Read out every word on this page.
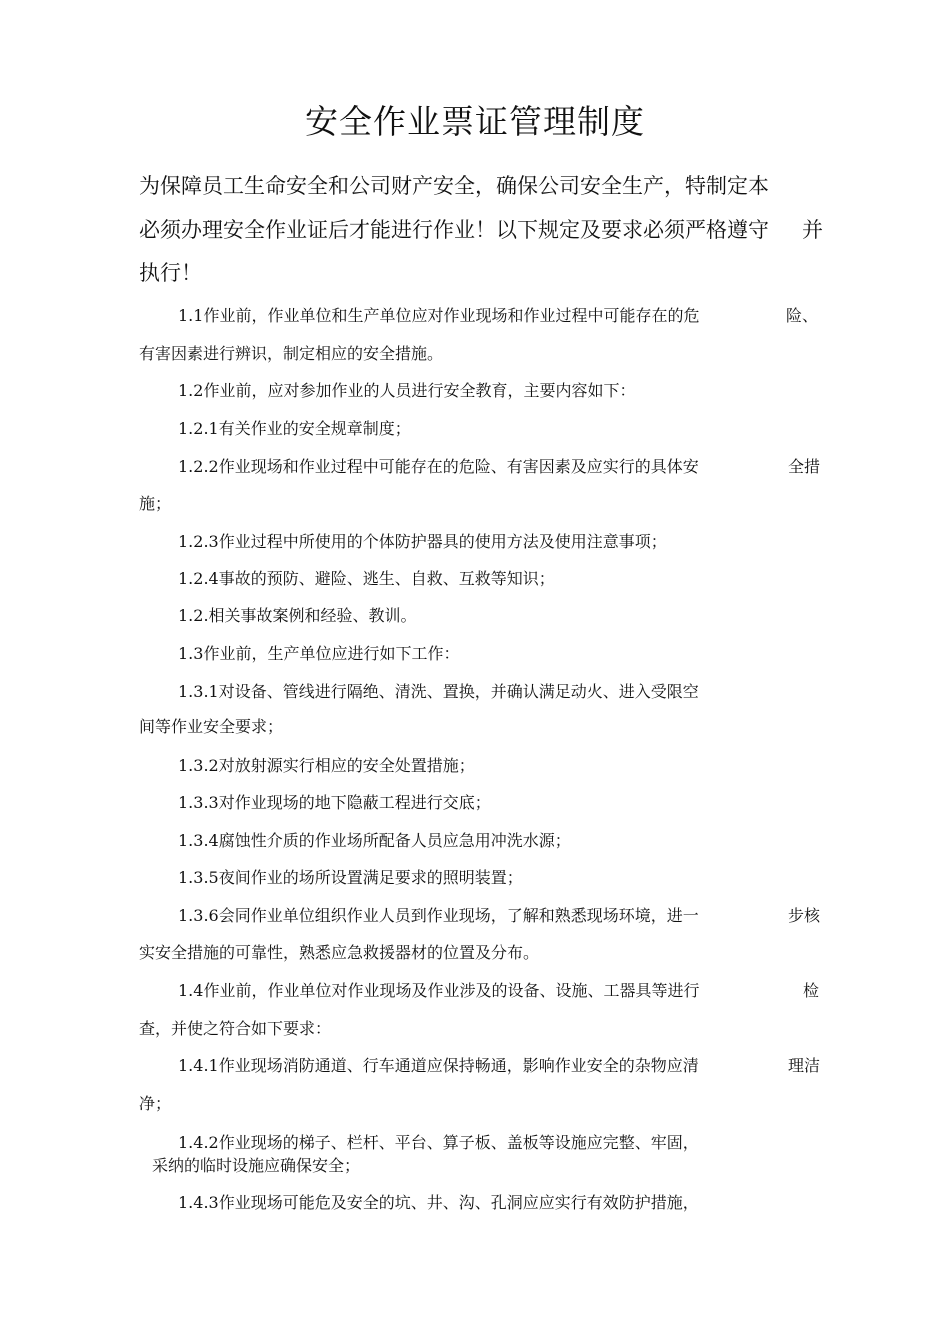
安全作业票证管理制度
为保障员工生命安全和公司财产安全，确保公司安全生产，特制定本
必须办理安全作业证后才能进行作业！以下规定及要求必须严格遵守 并
执行！
1.1作业前，作业单位和生产单位应对作业现场和作业过程中可能存在的危	险、
有害因素进行辨识，制定相应的安全措施。
1.2作业前，应对参加作业的人员进行安全教育，主要内容如下：
1.2.1有关作业的安全规章制度；
1.2.2作业现场和作业过程中可能存在的危险、有害因素及应实行的具体安	全措
施；
1.2.3作业过程中所使用的个体防护器具的使用方法及使用注意事项；
1.2.4事故的预防、避险、逃生、自救、互救等知识；
1.2.相关事故案例和经验、教训。
1.3作业前，生产单位应进行如下工作：
1.3.1对设备、管线进行隔绝、清洗、置换，并确认满足动火、进入受限空
间等作业安全要求；
1.3.2对放射源实行相应的安全处置措施；
1.3.3对作业现场的地下隐蔽工程进行交底；
1.3.4腐蚀性介质的作业场所配备人员应急用冲洗水源；
1.3.5夜间作业的场所设置满足要求的照明装置；
1.3.6会同作业单位组织作业人员到作业现场，了解和熟悉现场环境，进一	步核
实安全措施的可靠性，熟悉应急救援器材的位置及分布。
1.4作业前，作业单位对作业现场及作业涉及的设备、设施、工器具等进行	检
查，并使之符合如下要求：
1.4.1作业现场消防通道、行车通道应保持畅通，影响作业安全的杂物应清	理洁
净；
1.4.2作业现场的梯子、栏杆、平台、算子板、盖板等设施应完整、牢固，
采纳的临时设施应确保安全；
1.4.3作业现场可能危及安全的坑、井、沟、孔洞应应实行有效防护措施，
